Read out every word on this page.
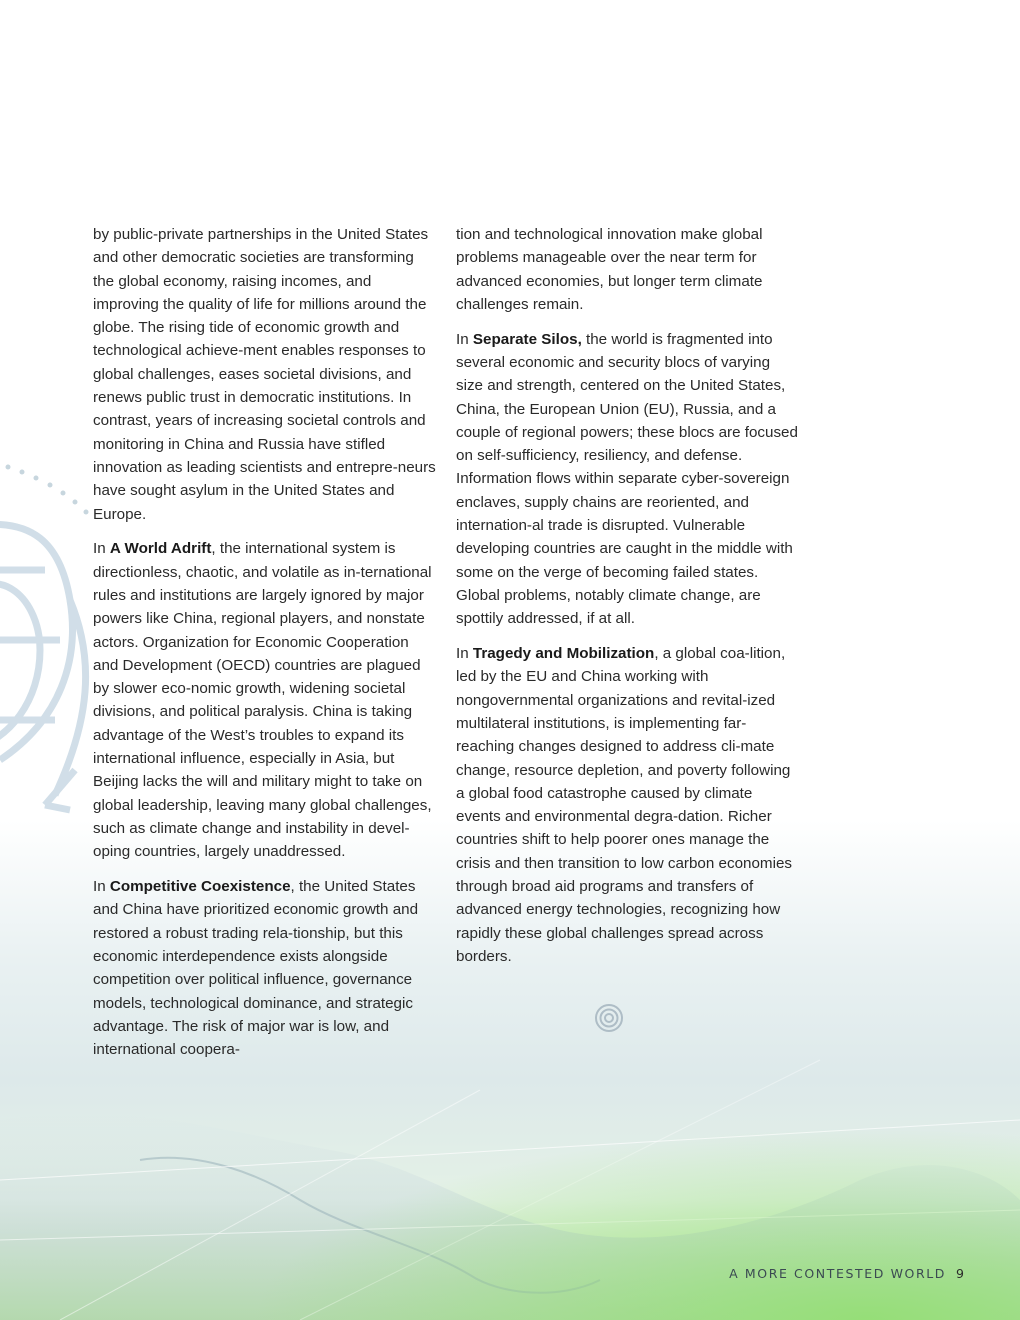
by public-private partnerships in the United States and other democratic societies are transforming the global economy, raising incomes, and improving the quality of life for millions around the globe. The rising tide of economic growth and technological achieve-ment enables responses to global challenges, eases societal divisions, and renews public trust in democratic institutions. In contrast, years of increasing societal controls and monitoring in China and Russia have stifled innovation as leading scientists and entrepre-neurs have sought asylum in the United States and Europe.

In A World Adrift, the international system is directionless, chaotic, and volatile as in-ternational rules and institutions are largely ignored by major powers like China, regional players, and nonstate actors. Organization for Economic Cooperation and Development (OECD) countries are plagued by slower eco-nomic growth, widening societal divisions, and political paralysis. China is taking advantage of the West’s troubles to expand its international influence, especially in Asia, but Beijing lacks the will and military might to take on global leadership, leaving many global challenges, such as climate change and instability in devel-oping countries, largely unaddressed.

In Competitive Coexistence, the United States and China have prioritized economic growth and restored a robust trading rela-tionship, but this economic interdependence exists alongside competition over political influence, governance models, technological dominance, and strategic advantage. The risk of major war is low, and international coopera-

tion and technological innovation make global problems manageable over the near term for advanced economies, but longer term climate challenges remain.

In Separate Silos, the world is fragmented into several economic and security blocs of varying size and strength, centered on the United States, China, the European Union (EU), Russia, and a couple of regional powers; these blocs are focused on self-sufficiency, resiliency, and defense. Information flows within separate cyber-sovereign enclaves, supply chains are reoriented, and internation-al trade is disrupted. Vulnerable developing countries are caught in the middle with some on the verge of becoming failed states. Global problems, notably climate change, are spottily addressed, if at all.

In Tragedy and Mobilization, a global coa-lition, led by the EU and China working with nongovernmental organizations and revital-ized multilateral institutions, is implementing far-reaching changes designed to address cli-mate change, resource depletion, and poverty following a global food catastrophe caused by climate events and environmental degra-dation. Richer countries shift to help poorer ones manage the crisis and then transition to low carbon economies through broad aid programs and transfers of advanced energy technologies, recognizing how rapidly these global challenges spread across borders.

A MORE CONTESTED WORLD 9
